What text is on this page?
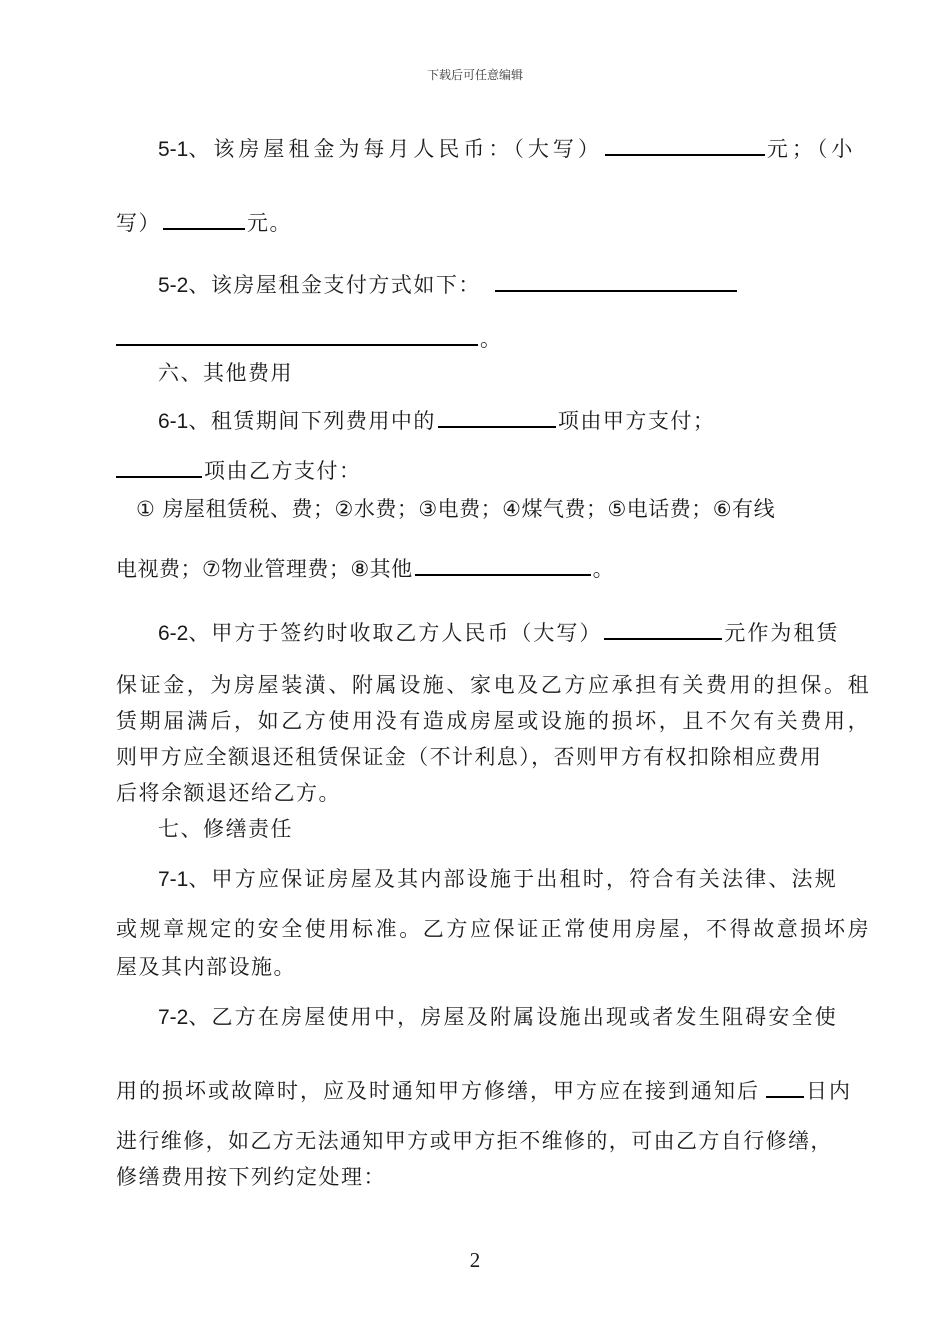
下载后可任意编辑
5-1、该房屋租金为每月人民币：（大写）	元；（小
写）	元。
5-2、该房屋租金支付方式如下：
。
六、其他费用
6-1、租赁期间下列费用中的	项由甲方支付；
项由乙方支付：
① 房屋租赁税、费；②水费；③电费；④煤气费；⑤电话费；⑥有线
电视费；⑦物业管理费；⑧其他	。
6-2、甲方于签约时收取乙方人民币（大写）	元作为租赁
保证金，为房屋装潢、附属设施、家电及乙方应承担有关费用的担保。租
赁期届满后，如乙方使用没有造成房屋或设施的损坏，且不欠有关费用，
则甲方应全额退还租赁保证金（不计利息），否则甲方有权扣除相应费用
后将余额退还给乙方。
七、修缮责任
7-1、甲方应保证房屋及其内部设施于出租时，符合有关法律、法规
或规章规定的安全使用标准。乙方应保证正常使用房屋，不得故意损坏房
屋及其内部设施。
7-2、乙方在房屋使用中，房屋及附属设施出现或者发生阻碍安全使
用的损坏或故障时，应及时通知甲方修缮，甲方应在接到通知后 日内
进行维修，如乙方无法通知甲方或甲方拒不维修的，可由乙方自行修缮，
修缮费用按下列约定处理：
2
